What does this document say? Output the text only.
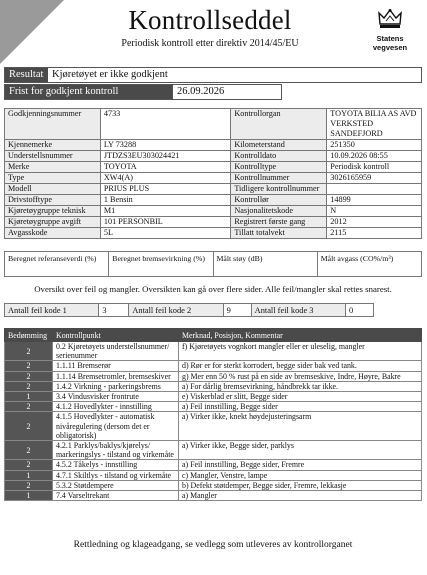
Kontrollseddel
Periodisk kontroll etter direktiv 2014/45/EU	Statens vegvesen
Resultat Kjøretøyet er ikke godkjent
Frist for godkjent kontroll	26.09.2026
Godkjenningsnummer	4733	Kontrollorgan	TOYOTA BILIA AS AVD VERKSTED SANDEFJORD
Kjennemerke	LY 73288	Kilometerstand	251350
Understellsnummer	JTDZS3EU303024421	Kontrolldato	10.09.2026 08:55
Merke	TOYOTA	Kontrolltype	Periodisk kontroll
Type	XW4(A)	Kontrollnummer	3026165959
Modell	PRIUS PLUS	Tidligere kontrollnummer	
Drivstofftype	1 Bensin	Kontrollør	14899
Kjøretøygruppe teknisk	M1	Nasjonalitetskode	N
Kjøretøygruppe avgift	101 PERSONBIL	Registrert første gang	2012
Avgasskode	5L	Tillatt totalvekt	2115
Beregnet referanseverdi (%)	Beregnet bremsevirkning (%)	Målt støy (dB)	Målt avgass (CO%/m³)
Oversikt over feil og mangler. Oversikten kan gå over flere sider. Alle feil/mangler skal rettes snarest.
Antall feil kode 1	3	Antall feil kode 2	9	Antall feil kode 3	0
Bedømming	Kontrollpunkt	Merknad, Posisjon, Kommentar
2	0.2 Kjøretøyets understellsnummer/ serienummer	f) Kjøretøyets vognkort mangler eller er uleselig, mangler
2	1.1.11 Bremserør	d) Rør er for sterkt korrodert, begge sider bak ved tank.
2	1.1.14 Bremsetromler, bremseskiver	g) Mer enn 50 % rust på en side av bremseskive, Indre, Høyre, Bakre
2	1.4.2 Virkning - parkeringsbrems	a) For dårlig bremsevirkning, håndbrekk tar ikke.
1	3.4 Vindusvisker frontrute	e) Viskerblad er slitt, Begge sider
2	4.1.2 Hovedlykter - innstilling	a) Feil innstilling, Begge sider
2	4.1.5 Hovedlykter - automatisk nivåregulering (dersom det er obligatorisk)	a) Virker ikke, knekt høydejusteringsarm
2	4.2.1 Parklys/baklys/kjørelys/ markeringslys - tilstand og virkemåte	a) Virker ikke, Begge sider, parklys
2	4.5.2 Tåkelys - innstilling	a) Feil innstilling, Begge sider, Fremre
1	4.7.1 Skiltlys - tilstand og virkemåte	c) Mangler, Venstre, lampe
2	5.3.2 Støtdempere	b) Defekt støtdemper, Begge sider, Fremre, lekkasje
1	7.4 Varseltrekant	a) Mangler
Rettledning og klageadgang, se vedlegg som utleveres av kontrollorganet
